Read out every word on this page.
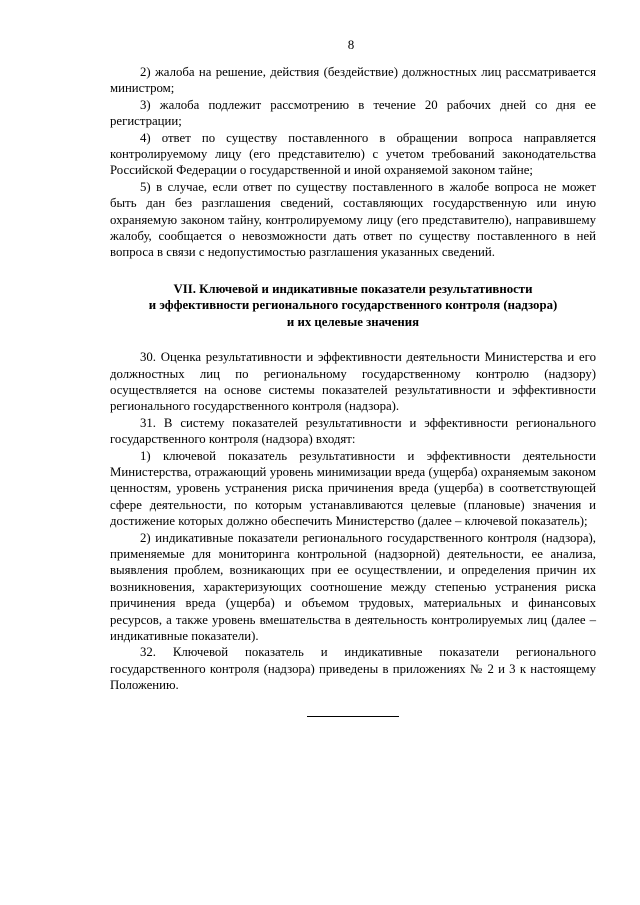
8

2) жалоба на решение, действия (бездействие) должностных лиц рассматривается министром;

3) жалоба подлежит рассмотрению в течение 20 рабочих дней со дня ее регистрации;

4) ответ по существу поставленного в обращении вопроса направляется контролируемому лицу (его представителю) с учетом требований законодательства Российской Федерации о государственной и иной охраняемой законом тайне;

5) в случае, если ответ по существу поставленного в жалобе вопроса не может быть дан без разглашения сведений, составляющих государственную или иную охраняемую законом тайну, контролируемому лицу (его представителю), направившему жалобу, сообщается о невозможности дать ответ по существу поставленного в ней вопроса в связи с недопустимостью разглашения указанных сведений.

VII. Ключевой и индикативные показатели результативности
и эффективности регионального государственного контроля (надзора)
и их целевые значения

30. Оценка результативности и эффективности деятельности Министерства и его должностных лиц по региональному государственному контролю (надзору) осуществляется на основе системы показателей результативности и эффективности регионального государственного контроля (надзора).

31. В систему показателей результативности и эффективности регионального государственного контроля (надзора) входят:

1) ключевой показатель результативности и эффективности деятельности Министерства, отражающий уровень минимизации вреда (ущерба) охраняемым законом ценностям, уровень устранения риска причинения вреда (ущерба) в соответствующей сфере деятельности, по которым устанавливаются целевые (плановые) значения и достижение которых должно обеспечить Министерство (далее – ключевой показатель);

2) индикативные показатели регионального государственного контроля (надзора), применяемые для мониторинга контрольной (надзорной) деятельности, ее анализа, выявления проблем, возникающих при ее осуществлении, и определения причин их возникновения, характеризующих соотношение между степенью устранения риска причинения вреда (ущерба) и объемом трудовых, материальных и финансовых ресурсов, а также уровень вмешательства в деятельность контролируемых лиц (далее – индикативные показатели).

32. Ключевой показатель и индикативные показатели регионального государственного контроля (надзора) приведены в приложениях № 2 и 3 к настоящему Положению.
